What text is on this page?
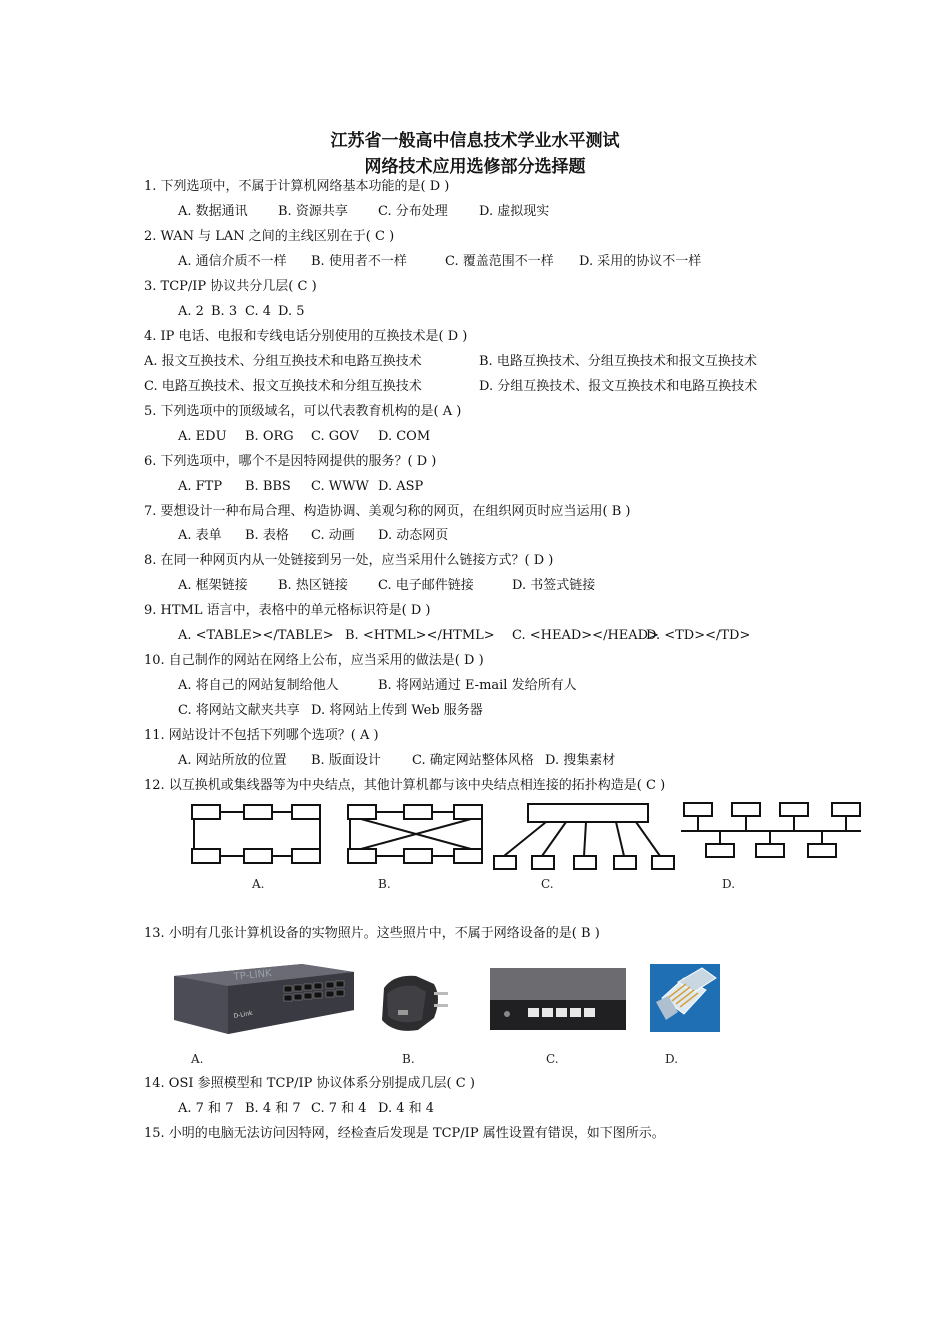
江苏省一般高中信息技术学业水平测试
网络技术应用选修部分选择题
1. 下列选项中，不属于计算机网络基本功能的是( D )
A. 数据通讯 B. 资源共享 C. 分布处理 D. 虚拟现实
2. WAN 与 LAN 之间的主线区别在于( C )
A. 通信介质不一样 B. 使用者不一样	C. 覆盖范围不一样 D. 采用的协议不一样
3. TCP/IP 协议共分几层( C )
A. 2 B. 3 C. 4 D. 5
4. IP 电话、电报和专线电话分别使用的互换技术是( D )
A. 报文互换技术、分组互换技术和电路互换技术	B. 电路互换技术、分组互换技术和报文互换技术
C. 电路互换技术、报文互换技术和分组互换技术	D. 分组互换技术、报文互换技术和电路互换技术
5. 下列选项中的顶级域名，可以代表教育机构的是( A )
A. EDU B. ORG C. GOV D. COM
6. 下列选项中，哪个不是因特网提供的服务？( D )
A. FTP B. BBS C. WWW D. ASP
7. 要想设计一种布局合理、构造协调、美观匀称的网页，在组织网页时应当运用( B )
A. 表单 B. 表格 C. 动画 D. 动态网页
8. 在同一种网页内从一处链接到另一处，应当采用什么链接方式？( D )
A. 框架链接 B. 热区链接 C. 电子邮件链接	D. 书签式链接
9. HTML 语言中，表格中的单元格标识符是( D )
A. <TABLE></TABLE> B. <HTML></HTML> C. <HEAD></HEAD>
D. <TD></TD>
10. 自己制作的网站在网络上公布，应当采用的做法是( D )
A. 将自己的网站复制给他人	B. 将网站通过 E-mail 发给所有人
C. 将网站文献夹共享 D. 将网站上传到 Web 服务器
11. 网站设计不包括下列哪个选项？( A )
A. 网站所放的位置 B. 版面设计 C. 确定网站整体风格 D. 搜集素材
12. 以互换机或集线器等为中央结点，其他计算机都与该中央结点相连接的拓扑构造是( C )
A.	B.	C.	D.
13. 小明有几张计算机设备的实物照片。这些照片中，不属于网络设备的是( B )
TP-LINK
D-Link
A.	B.	C.	D.
14. OSI 参照模型和 TCP/IP 协议体系分别提成几层( C )
A. 7 和 7 B. 4 和 7 C. 7 和 4 D. 4 和 4
15. 小明的电脑无法访问因特网，经检查后发现是 TCP/IP 属性设置有错误，如下图所示。
